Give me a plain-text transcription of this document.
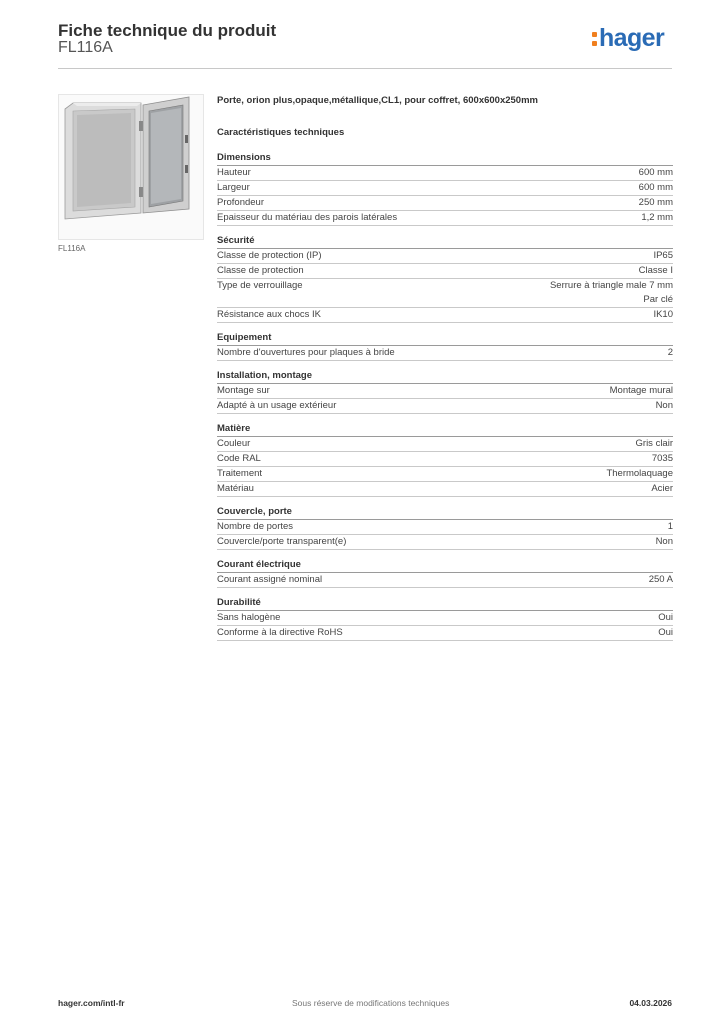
Fiche technique du produit
FL116A	hager
FL116A
Porte, orion plus,opaque,métallique,CL1, pour coffret, 600x600x250mm
Caractéristiques techniques
Dimensions
Hauteur	600 mm
Largeur	600 mm
Profondeur	250 mm
Epaisseur du matériau des parois latérales	1,2 mm
Sécurité
Classe de protection (IP)	IP65
Classe de protection	Classe I
Type de verrouillage	Serrure à triangle male 7 mm
Par clé
Résistance aux chocs IK	IK10
Equipement
Nombre d'ouvertures pour plaques à bride	2
Installation, montage
Montage sur	Montage mural
Adapté à un usage extérieur	Non
Matière
Couleur	Gris clair
Code RAL	7035
Traitement	Thermolaquage
Matériau	Acier
Couvercle, porte
Nombre de portes	1
Couvercle/porte transparent(e)	Non
Courant électrique
Courant assigné nominal	250 A
Durabilité
Sans halogène	Oui
Conforme à la directive RoHS	Oui
hager.com/intl-fr	Sous réserve de modifications techniques	04.03.2026
